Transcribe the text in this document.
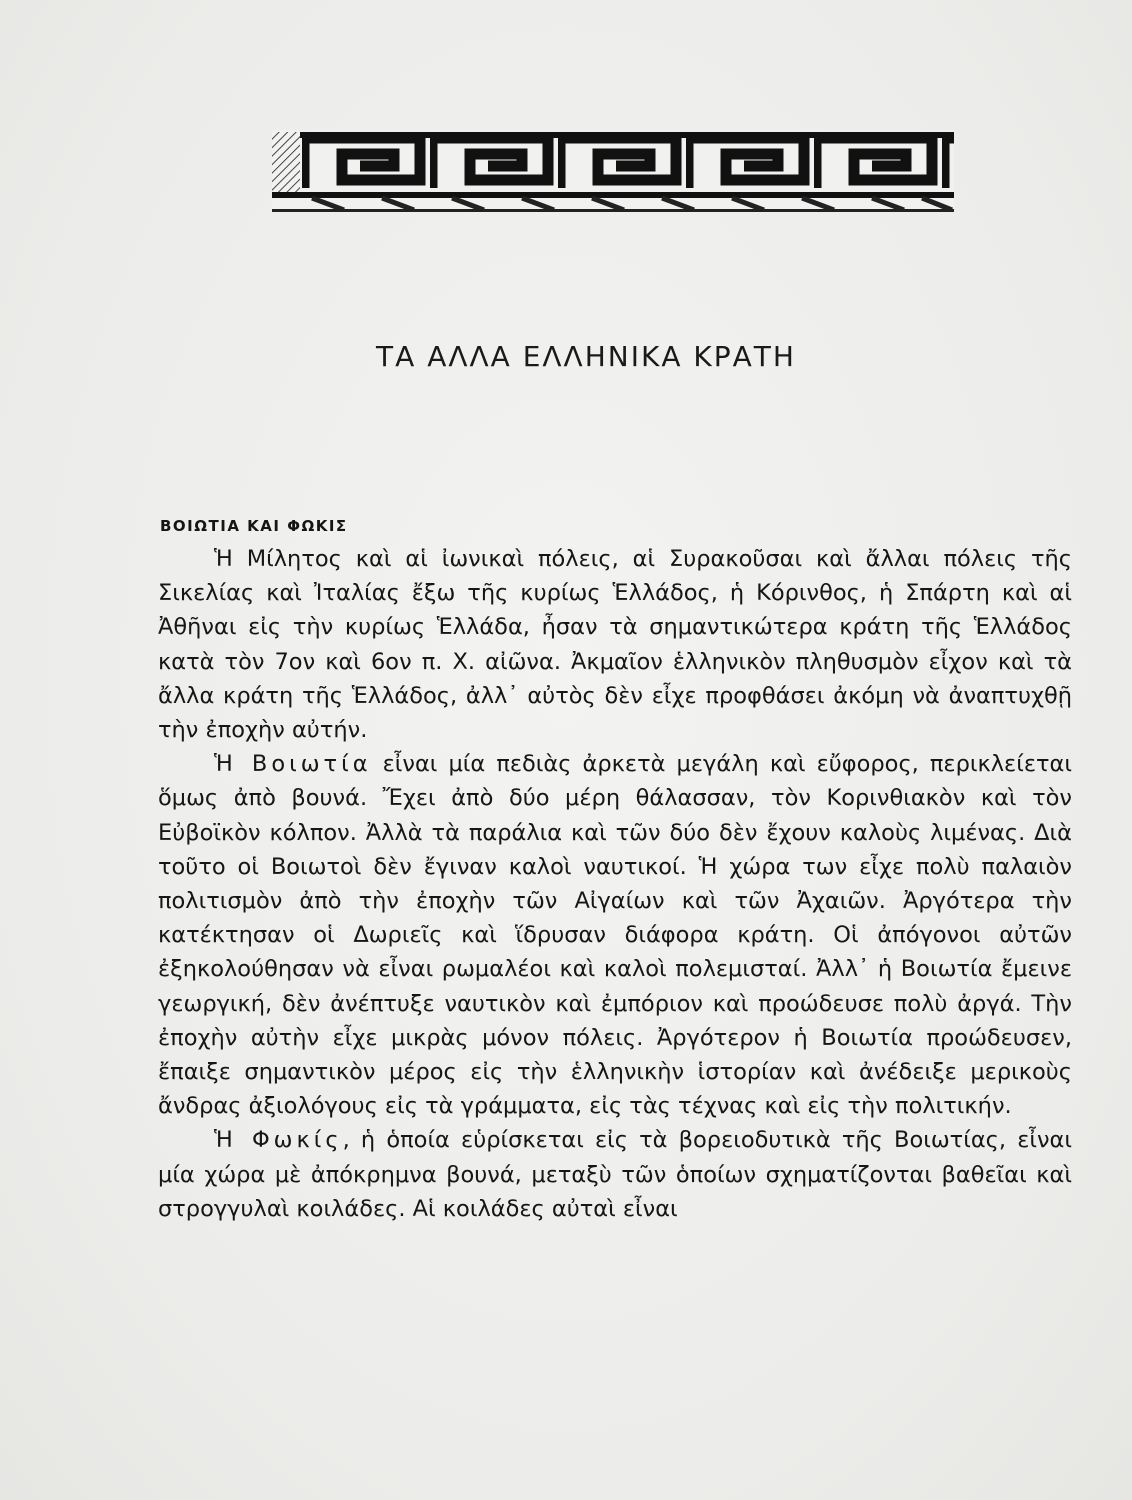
ΤΑ ΑΛΛΑ ΕΛΛΗΝΙΚΑ ΚΡΑΤΗ
ΒΟΙΩΤΙΑ ΚΑΙ ΦΩΚΙΣ

Ἡ Μίλητος καὶ αἱ ἰωνικαὶ πόλεις, αἱ Συρακοῦσαι καὶ ἄλλαι πόλεις τῆς Σικελίας καὶ Ἰταλίας ἔξω τῆς κυρίως Ἑλλάδος, ἡ Κόρινθος, ἡ Σπάρτη καὶ αἱ Ἀθῆναι εἰς τὴν κυρίως Ἑλλάδα, ἦσαν τὰ σημαντικώτερα κράτη τῆς Ἑλλάδος κατὰ τὸν 7ον καὶ 6ον π. Χ. αἰῶνα. Ἀκμαῖον ἑλληνικὸν πληθυσμὸν εἶχον καὶ τὰ ἄλλα κράτη τῆς Ἑλλάδος, ἀλλ᾽ αὐτὸς δὲν εἶχε προφθάσει ἀκόμη νὰ ἀναπτυχθῇ τὴν ἐποχὴν αὐτήν.

Ἡ Βοιωτία εἶναι μία πεδιὰς ἀρκετὰ μεγάλη καὶ εὔφορος, περικλείεται ὅμως ἀπὸ βουνά. Ἔχει ἀπὸ δύο μέρη θάλασσαν, τὸν Κορινθιακὸν καὶ τὸν Εὐβοϊκὸν κόλπον. Ἀλλὰ τὰ παράλια καὶ τῶν δύο δὲν ἔχουν καλοὺς λιμένας. Διὰ τοῦτο οἱ Βοιωτοὶ δὲν ἔγιναν καλοὶ ναυτικοί. Ἡ χώρα των εἶχε πολὺ παλαιὸν πολιτισμὸν ἀπὸ τὴν ἐποχὴν τῶν Αἰγαίων καὶ τῶν Ἀχαιῶν. Ἀργότερα τὴν κατέκτησαν οἱ Δωριεῖς καὶ ἵδρυσαν διάφορα κράτη. Οἱ ἀπόγονοι αὐτῶν ἐξηκολούθησαν νὰ εἶναι ρωμαλέοι καὶ καλοὶ πολεμισταί. Ἀλλ᾽ ἡ Βοιωτία ἔμεινε γεωργική, δὲν ἀνέπτυξε ναυτικὸν καὶ ἐμπόριον καὶ προώδευσε πολὺ ἀργά. Τὴν ἐποχὴν αὐτὴν εἶχε μικρὰς μόνον πόλεις. Ἀργότερον ἡ Βοιωτία προώδευσεν, ἔπαιξε σημαντικὸν μέρος εἰς τὴν ἑλληνικὴν ἱστορίαν καὶ ἀνέδειξε μερικοὺς ἄνδρας ἀξιολόγους εἰς τὰ γράμματα, εἰς τὰς τέχνας καὶ εἰς τὴν πολιτικήν.

Ἡ Φωκίς, ἡ ὁποία εὑρίσκεται εἰς τὰ βορειοδυτικὰ τῆς Βοιωτίας, εἶναι μία χώρα μὲ ἀπόκρημνα βουνά, μεταξὺ τῶν ὁποίων σχηματίζονται βαθεῖαι καὶ στρογγυλαὶ κοιλάδες. Αἱ κοιλάδες αὐταὶ εἶναι
